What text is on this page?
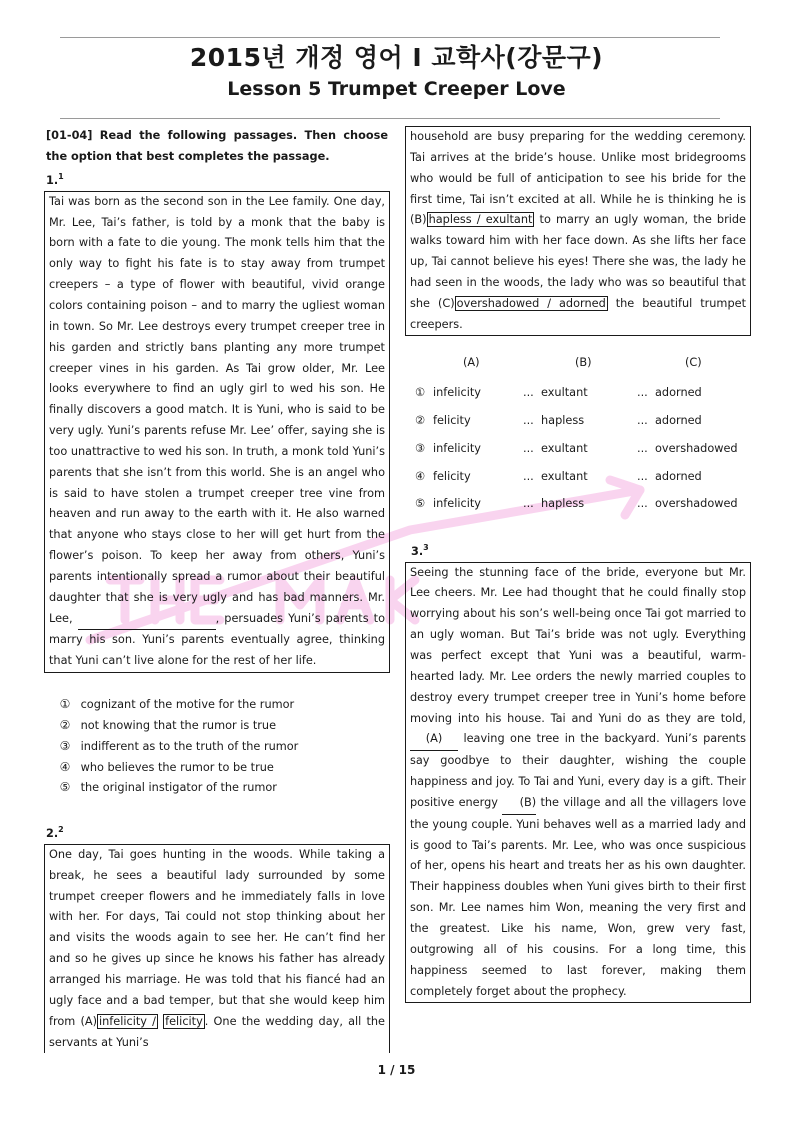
2015년 개정 영어 I 교학사(강문구)
Lesson 5 Trumpet Creeper Love
[01-04] Read the following passages. Then choose the option that best completes the passage.
1.$^1$
Tai was born as the second son in the Lee family. One day, Mr. Lee, Tai’s father, is told by a monk that the baby is born with a fate to die young. The monk tells him that the only way to fight his fate is to stay away from trumpet creepers – a type of flower with beautiful, vivid orange colors containing poison – and to marry the ugliest woman in town. So Mr. Lee destroys every trumpet creeper tree in his garden and strictly bans planting any more trumpet creeper vines in his garden. As Tai grow older, Mr. Lee looks everywhere to find an ugly girl to wed his son. He finally discovers a good match. It is Yuni, who is said to be very ugly. Yuni’s parents refuse Mr. Lee’ offer, saying she is too unattractive to wed his son. In truth, a monk told Yuni’s parents that she isn’t from this world. She is an angel who is said to have stolen a trumpet creeper tree vine from heaven and run away to the earth with it. He also warned that anyone who stays close to her will get hurt from the flower’s poison. To keep her away from others, Yuni’s parents intentionally spread a rumor about their beautiful daughter that she is very ugly and has bad manners. Mr. Lee,	, persuades Yuni’s parents to marry his son. Yuni’s parents eventually agree, thinking that Yuni can’t live alone for the rest of her life.
① cognizant of the motive for the rumor
② not knowing that the rumor is true
③ indifferent as to the truth of the rumor
④ who believes the rumor to be true
⑤ the original instigator of the rumor
2.$^2$
One day, Tai goes hunting in the woods. While taking a break, he sees a beautiful lady surrounded by some trumpet creeper flowers and he immediately falls in love with her. For days, Tai could not stop thinking about her and visits the woods again to see her. He can’t find her and so he gives up since he knows his father has already arranged his marriage. He was told that his fiancé had an ugly face and a bad temper, but that she would keep him from (A) infelicity / felicity . One the wedding day, all the servants at Yuni’s
household are busy preparing for the wedding ceremony. Tai arrives at the bride’s house. Unlike most bridegrooms who would be full of anticipation to see his bride for the first time, Tai isn’t excited at all. While he is thinking he is (B) hapless / exultant to marry an ugly woman, the bride walks toward him with her face down. As she lifts her face up, Tai cannot believe his eyes! There she was, the lady he had seen in the woods, the lady who was so beautiful that she (C) overshadowed / adorned the beautiful trumpet creepers.
(A)	(B)	(C)
① infelicity	... exultant	... adorned
② felicity	... hapless	... adorned
③ infelicity	... exultant	... overshadowed
④ felicity	... exultant	... adorned
⑤ infelicity	... hapless	... overshadowed
3.$^3$
Seeing the stunning face of the bride, everyone but Mr. Lee cheers. Mr. Lee had thought that he could finally stop worrying about his son’s well-being once Tai got married to an ugly woman. But Tai’s bride was not ugly. Everything was perfect except that Yuni was a beautiful, warm-hearted lady. Mr. Lee orders the newly married couples to destroy every trumpet creeper tree in Yuni’s home before moving into his house. Tai and Yuni do as they are told, (A) leaving one tree in the backyard. Yuni’s parents say goodbye to their daughter, wishing the couple happiness and joy. To Tai and Yuni, every day is a gift. Their positive energy (B) the village and all the villagers love the young couple. Yuni behaves well as a married lady and is good to Tai’s parents. Mr. Lee, who was once suspicious of her, opens his heart and treats her as his own daughter. Their happiness doubles when Yuni gives birth to their first son. Mr. Lee names him Won, meaning the very first and the greatest. Like his name, Won, grew very fast, outgrowing all of his cousins. For a long time, this happiness seemed to last forever, making them completely forget about the prophecy.
1 / 15
